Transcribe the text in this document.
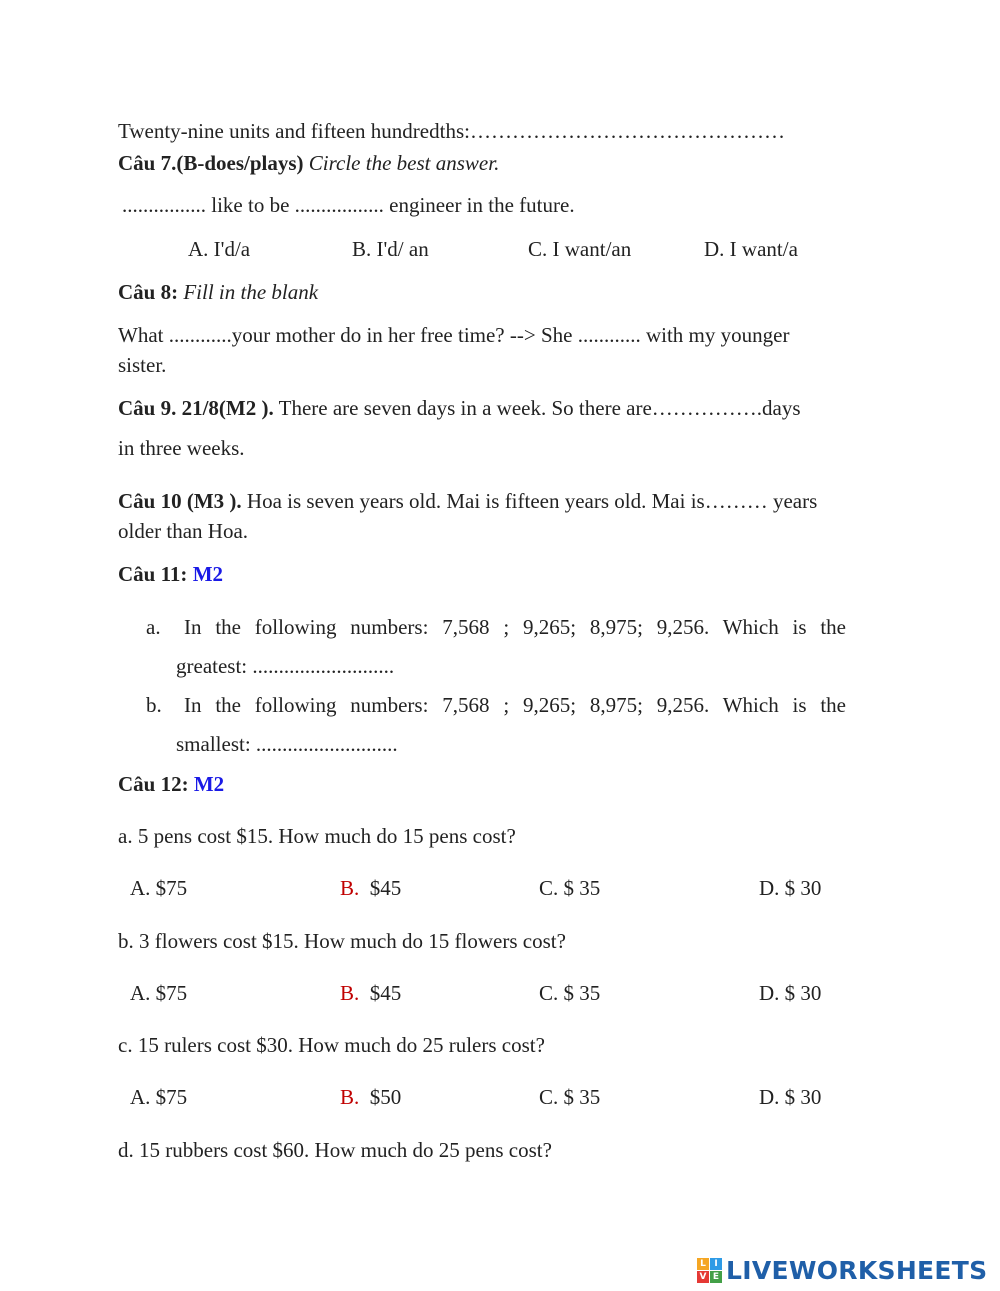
Twenty-nine units and fifteen hundredths:………………………………………
Câu 7.(B-does/plays) Circle the best answer.
................ like to be ................. engineer in the future.
A. I'd/a	B. I'd/ an	C. I want/an	D. I want/a
Câu 8: Fill in the blank
What ............your mother do in her free time? --> She ............ with my younger
sister.
Câu 9. 21/8(M2 ). There are seven days in a week. So there are…………….days
in three weeks.
Câu 10 (M3 ). Hoa is seven years old. Mai is fifteen years old. Mai is……… years
older than Hoa.
Câu 11: M2
a. In the following numbers: 7,568 ; 9,265; 8,975; 9,256. Which is the
greatest: ...........................
b. In the following numbers: 7,568 ; 9,265; 8,975; 9,256. Which is the
smallest: ...........................
Câu 12: M2
a. 5 pens cost $15. How much do 15 pens cost?
A. $75	B. $45	C. $ 35	D. $ 30
b. 3 flowers cost $15. How much do 15 flowers cost?
A. $75	B. $45	C. $ 35	D. $ 30
c. 15 rulers cost $30. How much do 25 rulers cost?
A. $75	B. $50	C. $ 35	D. $ 30
d. 15 rubbers cost $60. How much do 25 pens cost?
L I
V E LIVEWORKSHEETS
